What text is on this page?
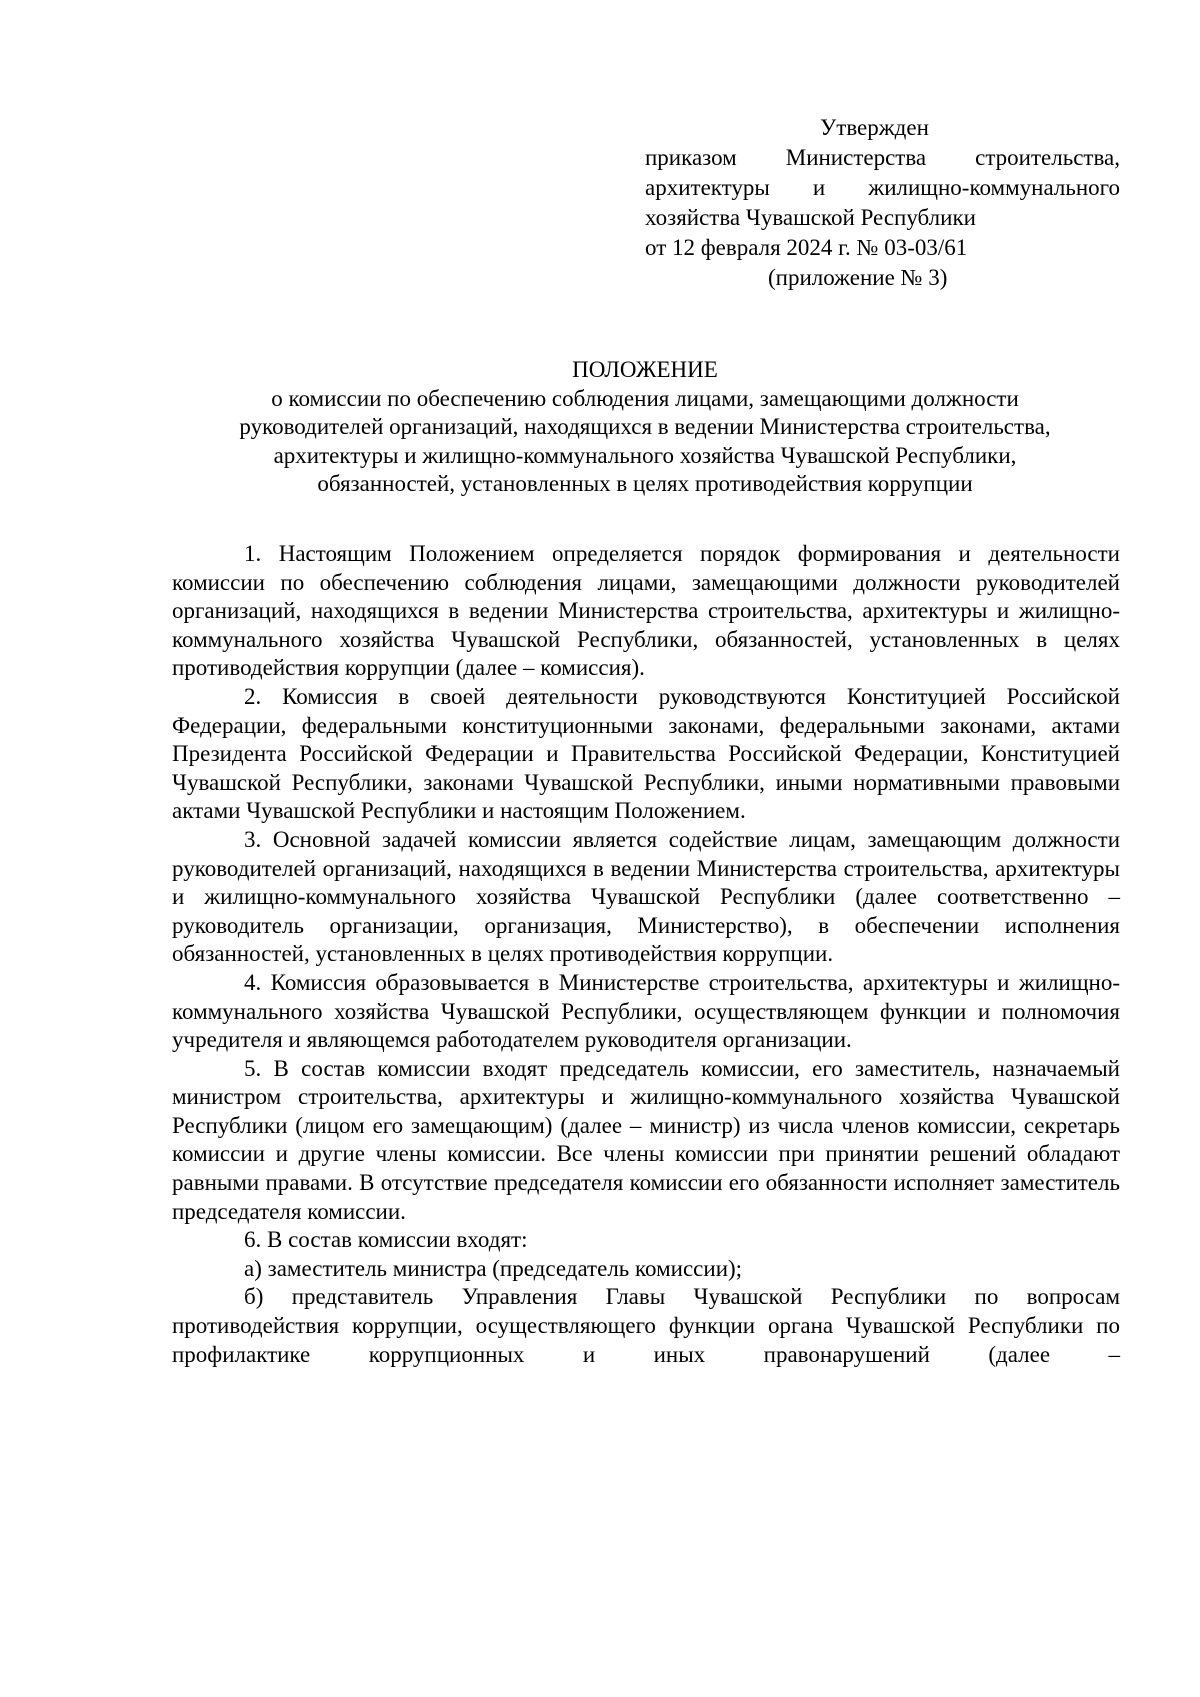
Утвержден
приказом Министерства строительства,
архитектуры и жилищно-коммунального
хозяйства Чувашской Республики
от 12 февраля 2024 г. № 03-03/61
(приложение № 3)
ПОЛОЖЕНИЕ
о комиссии по обеспечению соблюдения лицами, замещающими должности
руководителей организаций, находящихся в ведении Министерства строительства,
архитектуры и жилищно-коммунального хозяйства Чувашской Республики,
обязанностей, установленных в целях противодействия коррупции

1. Настоящим Положением определяется порядок формирования и деятельности комиссии по обеспечению соблюдения лицами, замещающими должности руководителей организаций, находящихся в ведении Министерства строительства, архитектуры и жилищно-коммунального хозяйства Чувашской Республики, обязанностей, установленных в целях противодействия коррупции (далее – комиссия).

2. Комиссия в своей деятельности руководствуются Конституцией Российской Федерации, федеральными конституционными законами, федеральными законами, актами Президента Российской Федерации и Правительства Российской Федерации, Конституцией Чувашской Республики, законами Чувашской Республики, иными нормативными правовыми актами Чувашской Республики и настоящим Положением.

3. Основной задачей комиссии является содействие лицам, замещающим должности руководителей организаций, находящихся в ведении Министерства строительства, архитектуры и жилищно-коммунального хозяйства Чувашской Республики (далее соответственно – руководитель организации, организация, Министерство), в обеспечении исполнения обязанностей, установленных в целях противодействия коррупции.

4. Комиссия образовывается в Министерстве строительства, архитектуры и жилищно-коммунального хозяйства Чувашской Республики, осуществляющем функции и полномочия учредителя и являющемся работодателем руководителя организации.

5. В состав комиссии входят председатель комиссии, его заместитель, назначаемый министром строительства, архитектуры и жилищно-коммунального хозяйства Чувашской Республики (лицом его замещающим) (далее – министр) из числа членов комиссии, секретарь комиссии и другие члены комиссии. Все члены комиссии при принятии решений обладают равными правами. В отсутствие председателя комиссии его обязанности исполняет заместитель председателя комиссии.

6. В состав комиссии входят:

а) заместитель министра (председатель комиссии);

б) представитель Управления Главы Чувашской Республики по вопросам противодействия коррупции, осуществляющего функции органа Чувашской Республики по профилактике коррупционных и иных правонарушений (далее –
